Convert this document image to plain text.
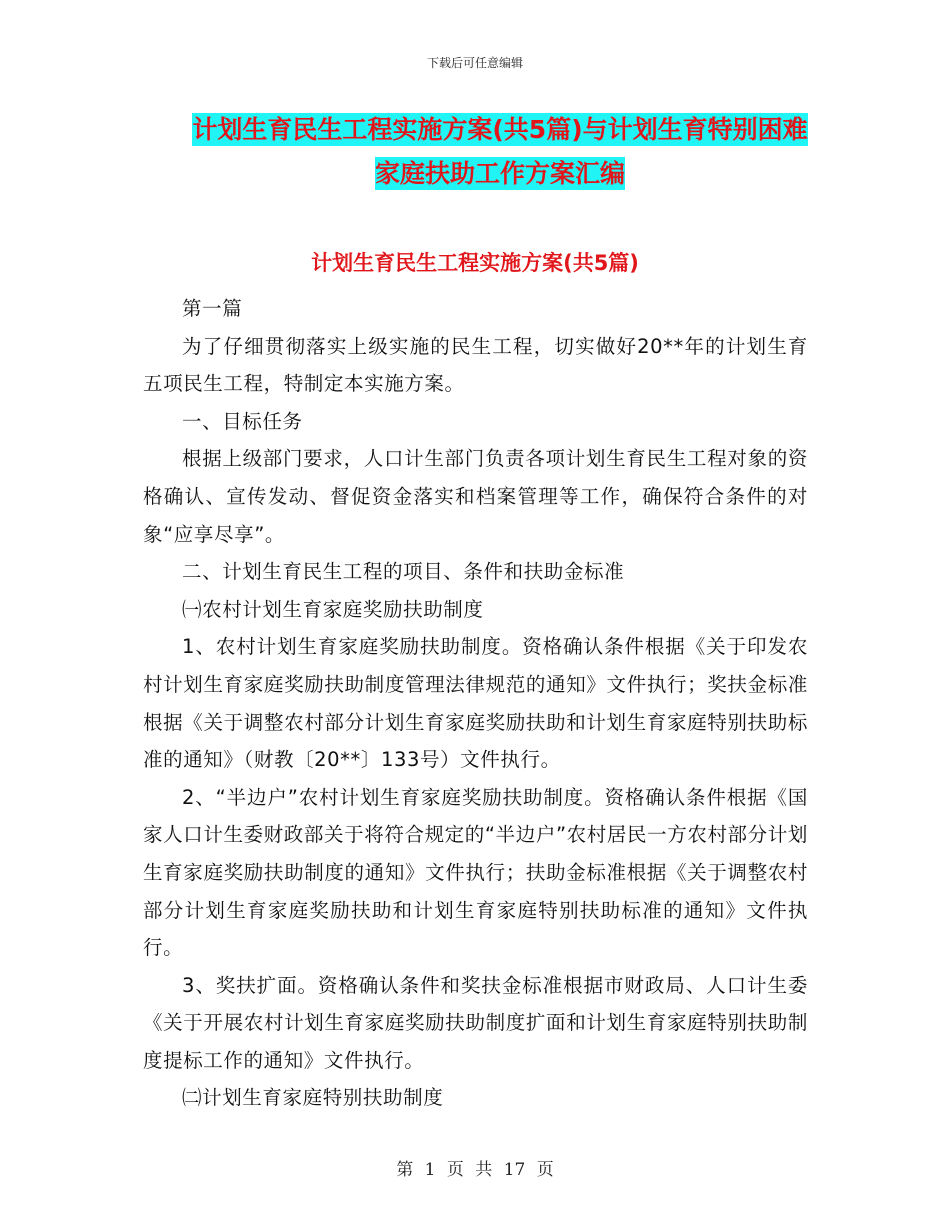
下载后可任意编辑
计划生育民生工程实施方案(共5篇)与计划生育特别困难家庭扶助工作方案汇编
计划生育民生工程实施方案(共5篇)

第一篇

为了仔细贯彻落实上级实施的民生工程，切实做好20**年的计划生育五项民生工程，特制定本实施方案。

一、目标任务

根据上级部门要求，人口计生部门负责各项计划生育民生工程对象的资格确认、宣传发动、督促资金落实和档案管理等工作，确保符合条件的对象“应享尽享”。

二、计划生育民生工程的项目、条件和扶助金标准

㈠农村计划生育家庭奖励扶助制度

1、农村计划生育家庭奖励扶助制度。资格确认条件根据《关于印发农村计划生育家庭奖励扶助制度管理法律规范的通知》文件执行；奖扶金标准根据《关于调整农村部分计划生育家庭奖励扶助和计划生育家庭特别扶助标准的通知》（财教〔20**〕133号）文件执行。

2、“半边户”农村计划生育家庭奖励扶助制度。资格确认条件根据《国家人口计生委财政部关于将符合规定的“半边户”农村居民一方农村部分计划生育家庭奖励扶助制度的通知》文件执行；扶助金标准根据《关于调整农村部分计划生育家庭奖励扶助和计划生育家庭特别扶助标准的通知》文件执行。

3、奖扶扩面。资格确认条件和奖扶金标准根据市财政局、人口计生委《关于开展农村计划生育家庭奖励扶助制度扩面和计划生育家庭特别扶助制度提标工作的通知》文件执行。

㈡计划生育家庭特别扶助制度

第 1 页 共 17 页
